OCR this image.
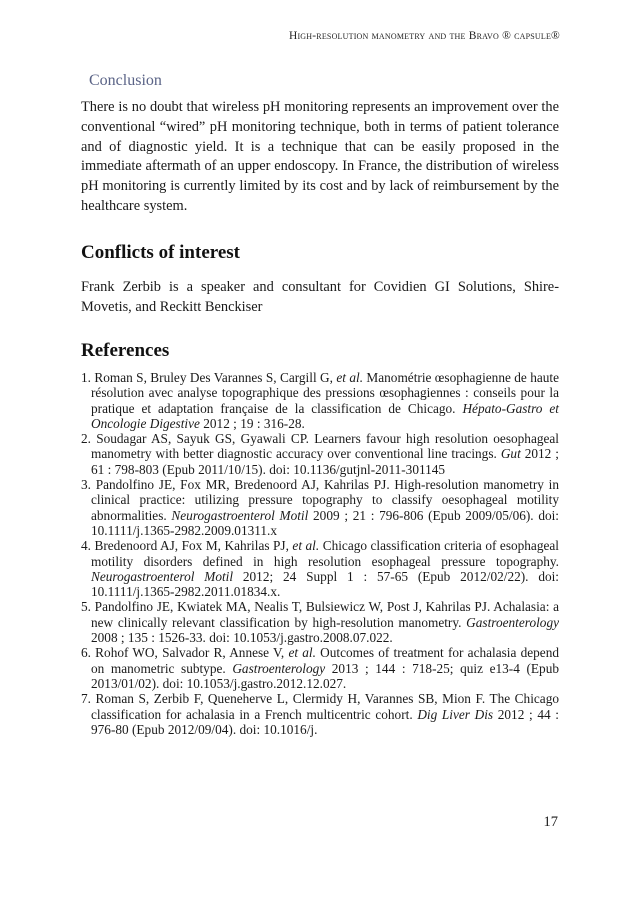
High-resolution manometry and the Bravo ® capsule®
Conclusion

There is no doubt that wireless pH monitoring represents an improvement over the conventional “wired” pH monitoring technique, both in terms of patient tolerance and of diagnostic yield. It is a technique that can be easily proposed in the immediate aftermath of an upper endoscopy. In France, the distribution of wireless pH monitoring is currently limited by its cost and by lack of reimbursement by the healthcare system.

Conflicts of interest

Frank Zerbib is a speaker and consultant for Covidien GI Solutions, Shire-Movetis, and Reckitt Benckiser

References
1. Roman S, Bruley Des Varannes S, Cargill G, et al. Manométrie œsophagienne de haute résolution avec analyse topographique des pressions œsophagiennes : conseils pour la pratique et adaptation française de la classification de Chicago. Hépato-Gastro et Oncologie Digestive 2012 ; 19 : 316-28.
2. Soudagar AS, Sayuk GS, Gyawali CP. Learners favour high resolution oesophageal manometry with better diagnostic accuracy over conventional line tracings. Gut 2012 ; 61 : 798-803 (Epub 2011/10/15). doi: 10.1136/gutjnl-2011-301145
3. Pandolfino JE, Fox MR, Bredenoord AJ, Kahrilas PJ. High-resolution manometry in clinical practice: utilizing pressure topography to classify oesophageal motility abnormalities. Neurogastroenterol Motil 2009 ; 21 : 796-806 (Epub 2009/05/06). doi: 10.1111/j.1365-2982.2009.01311.x
4. Bredenoord AJ, Fox M, Kahrilas PJ, et al. Chicago classification criteria of esophageal motility disorders defined in high resolution esophageal pressure topography. Neurogastroenterol Motil 2012; 24 Suppl 1 : 57-65 (Epub 2012/02/22). doi: 10.1111/j.1365-2982.2011.01834.x.
5. Pandolfino JE, Kwiatek MA, Nealis T, Bulsiewicz W, Post J, Kahrilas PJ. Achalasia: a new clinically relevant classification by high-resolution manometry. Gastroenterology 2008 ; 135 : 1526-33. doi: 10.1053/j.gastro.2008.07.022.
6. Rohof WO, Salvador R, Annese V, et al. Outcomes of treatment for achalasia depend on manometric subtype. Gastroenterology 2013 ; 144 : 718-25; quiz e13-4 (Epub 2013/01/02). doi: 10.1053/j.gastro.2012.12.027.
7. Roman S, Zerbib F, Queneherve L, Clermidy H, Varannes SB, Mion F. The Chicago classification for achalasia in a French multicentric cohort. Dig Liver Dis 2012 ; 44 : 976-80 (Epub 2012/09/04). doi: 10.1016/j.
17
